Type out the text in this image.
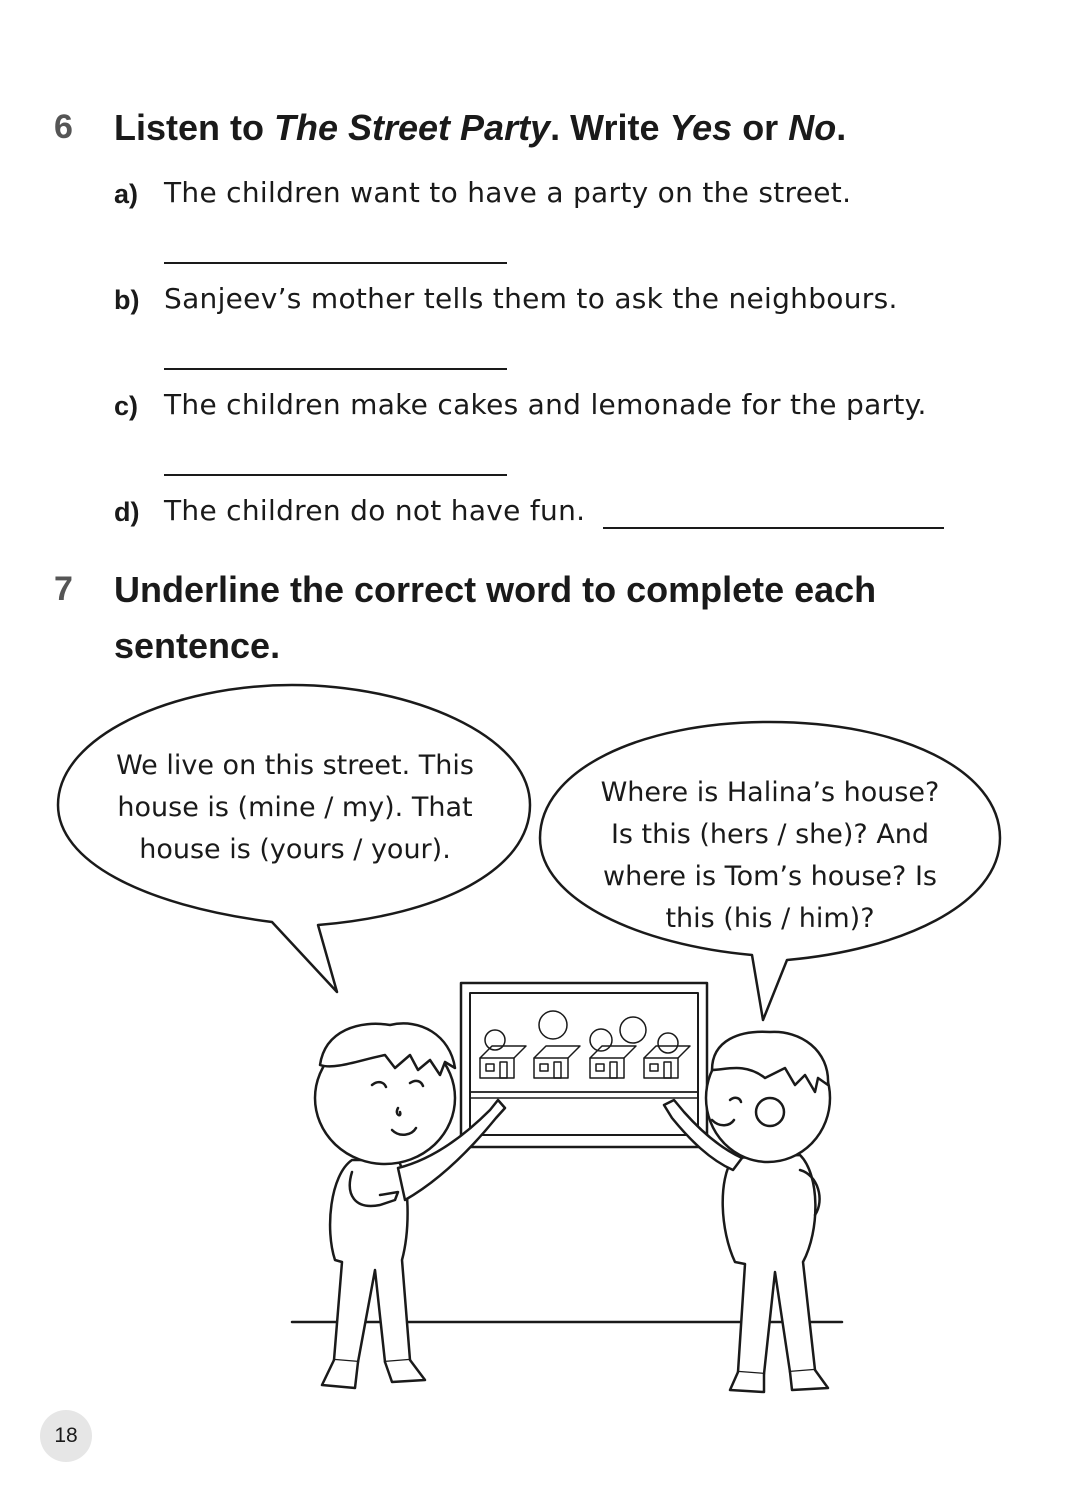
6 Listen to The Street Party. Write Yes or No.
a) The children want to have a party on the street.
b) Sanjeev’s mother tells them to ask the neighbours.
c) The children make cakes and lemonade for the party.
d) The children do not have fun.
7 Underline the correct word to complete each
sentence.
We live on this street. This
house is (mine / my). That
house is (yours / your).
Where is Halina’s house?
Is this (hers / she)? And
where is Tom’s house? Is
this (his / him)?
18
